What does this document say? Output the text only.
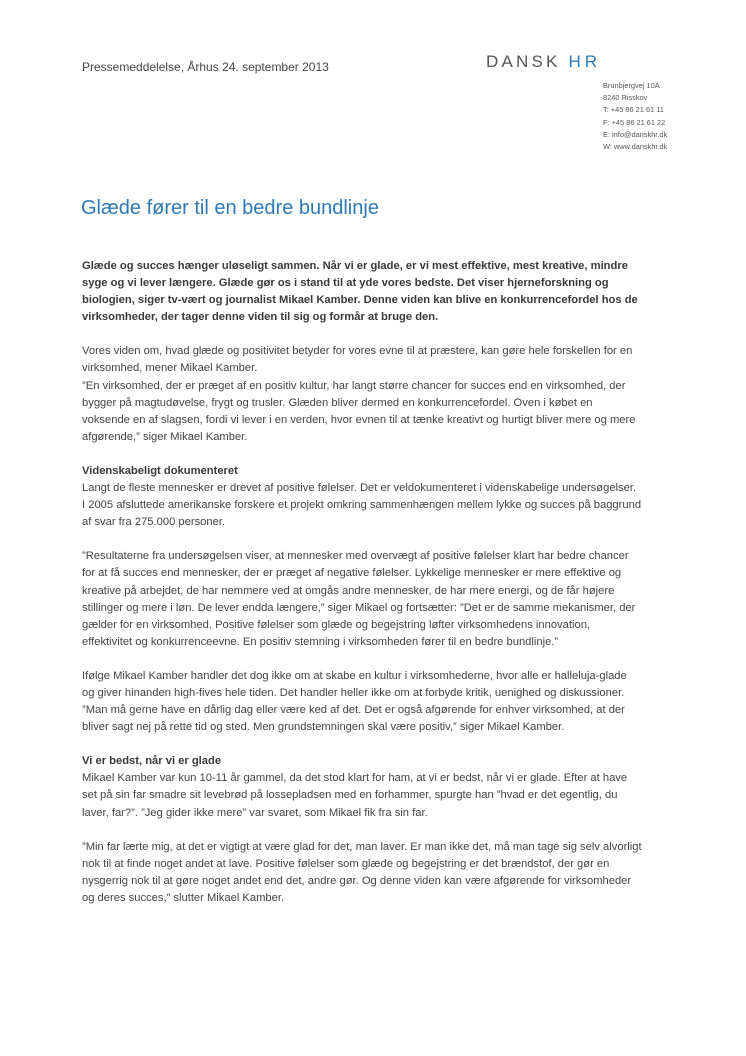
Pressemeddelelse, Århus 24. september 2013	DANSK HR
Brunbjergvej 10A
8240 Risskov
T: +45 86 21 61 11
F: +45 86 21 61 22
E: info@danskhr.dk
W: www.danskhr.dk
Glæde fører til en bedre bundlinje

Glæde og succes hænger uløseligt sammen. Når vi er glade, er vi mest effektive, mest kreative, mindre syge og vi lever længere. Glæde gør os i stand til at yde vores bedste. Det viser hjerneforskning og biologien, siger tv-vært og journalist Mikael Kamber. Denne viden kan blive en konkurrencefordel hos de virksomheder, der tager denne viden til sig og formår at bruge den.

Vores viden om, hvad glæde og positivitet betyder for vores evne til at præstere, kan gøre hele forskellen for en virksomhed, mener Mikael Kamber.

”En virksomhed, der er præget af en positiv kultur, har langt større chancer for succes end en virksomhed, der bygger på magtudøvelse, frygt og trusler. Glæden bliver dermed en konkurrencefordel. Oven i købet en voksende en af slagsen, fordi vi lever i en verden, hvor evnen til at tænke kreativt og hurtigt bliver mere og mere afgørende,” siger Mikael Kamber.

Videnskabeligt dokumenteret

Langt de fleste mennesker er drevet af positive følelser. Det er veldokumenteret i videnskabelige undersøgelser. I 2005 afsluttede amerikanske forskere et projekt omkring sammenhængen mellem lykke og succes på baggrund af svar fra 275.000 personer.

”Resultaterne fra undersøgelsen viser, at mennesker med overvægt af positive følelser klart har bedre chancer for at få succes end mennesker, der er præget af negative følelser. Lykkelige mennesker er mere effektive og kreative på arbejdet, de har nemmere ved at omgås andre mennesker, de har mere energi, og de får højere stillinger og mere i løn. De lever endda længere,” siger Mikael og fortsætter: ”Det er de samme mekanismer, der gælder for en virksomhed. Positive følelser som glæde og begejstring løfter virksomhedens innovation, effektivitet og konkurrenceevne. En positiv stemning i virksomheden fører til en bedre bundlinje.”

Ifølge Mikael Kamber handler det dog ikke om at skabe en kultur i virksomhederne, hvor alle er halleluja-glade og giver hinanden high-fives hele tiden. Det handler heller ikke om at forbyde kritik, uenighed og diskussioner.

”Man må gerne have en dårlig dag eller være ked af det. Det er også afgørende for enhver virksomhed, at der bliver sagt nej på rette tid og sted. Men grundstemningen skal være positiv,” siger Mikael Kamber.

Vi er bedst, når vi er glade

Mikael Kamber var kun 10-11 år gammel, da det stod klart for ham, at vi er bedst, når vi er glade. Efter at have set på sin far smadre sit levebrød på lossepladsen med en forhammer, spurgte han ”hvad er det egentlig, du laver, far?”. ”Jeg gider ikke mere” var svaret, som Mikael fik fra sin far.

”Min far lærte mig, at det er vigtigt at være glad for det, man laver. Er man ikke det, må man tage sig selv alvorligt nok til at finde noget andet at lave. Positive følelser som glæde og begejstring er det brændstof, der gør en nysgerrig nok til at gøre noget andet end det, andre gør. Og denne viden kan være afgørende for virksomheder og deres succes,” slutter Mikael Kamber.
